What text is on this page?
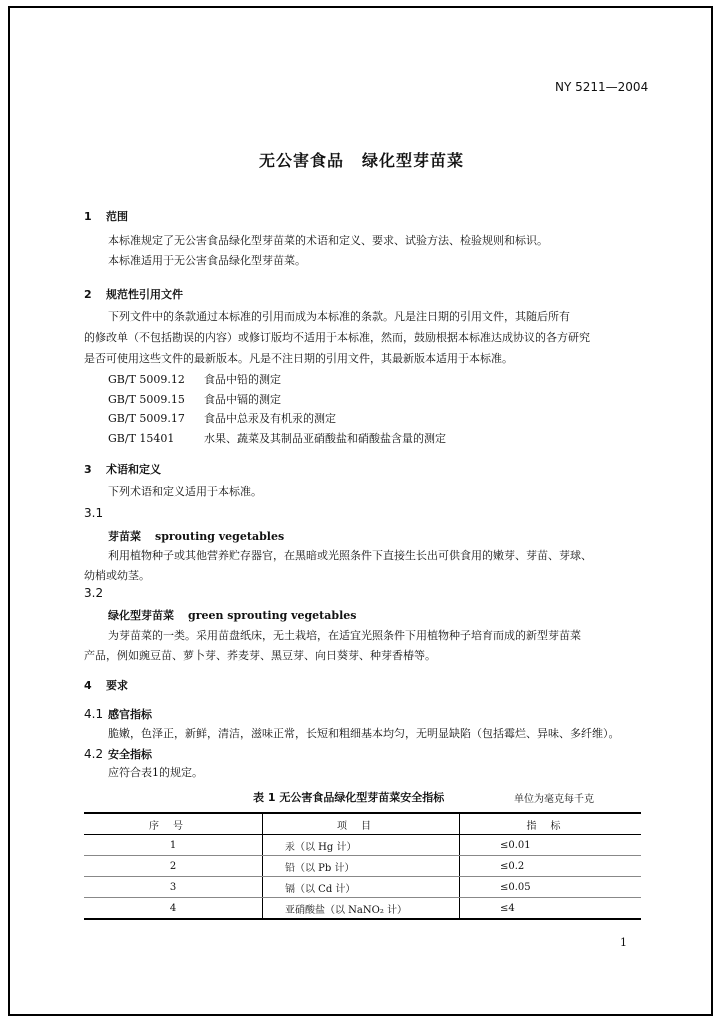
NY 5211—2004
无公害食品 绿化型芽苗菜
1 范围
本标准规定了无公害食品绿化型芽苗菜的术语和定义、要求、试验方法、检验规则和标识。
本标准适用于无公害食品绿化型芽苗菜。
2 规范性引用文件
下列文件中的条款通过本标准的引用而成为本标准的条款。凡是注日期的引用文件，其随后所有
的修改单（不包括勘误的内容）或修订版均不适用于本标准，然而，鼓励根据本标准达成协议的各方研究
是否可使用这些文件的最新版本。凡是不注日期的引用文件，其最新版本适用于本标准。
GB/T 5009.12 食品中铅的测定
GB/T 5009.15 食品中镉的测定
GB/T 5009.17 食品中总汞及有机汞的测定
GB/T 15401	水果、蔬菜及其制品亚硝酸盐和硝酸盐含量的测定
3 术语和定义
下列术语和定义适用于本标准。
3.1
芽苗菜 sprouting vegetables
利用植物种子或其他营养贮存器官，在黑暗或光照条件下直接生长出可供食用的嫩芽、芽苗、芽球、
幼梢或幼茎。
3.2
绿化型芽苗菜 green sprouting vegetables
为芽苗菜的一类。采用苗盘纸床，无土栽培，在适宜光照条件下用植物种子培育而成的新型芽苗菜
产品，例如豌豆苗、萝卜芽、荞麦芽、黑豆芽、向日葵芽、种芽香椿等。
4 要求
4.1 感官指标
脆嫩，色泽正，新鲜，清洁，滋味正常，长短和粗细基本均匀，无明显缺陷（包括霉烂、异味、多纤维）。
4.2 安全指标
应符合表1的规定。
表 1 无公害食品绿化型芽苗菜安全指标	单位为毫克每千克
序号	项目	指标
1	汞（以 Hg 计）	≤0.01
2	铅（以 Pb 计）	≤0.2
3	镉（以 Cd 计）	≤0.05
4	亚硝酸盐（以 NaNO₂ 计）	≤4
1
